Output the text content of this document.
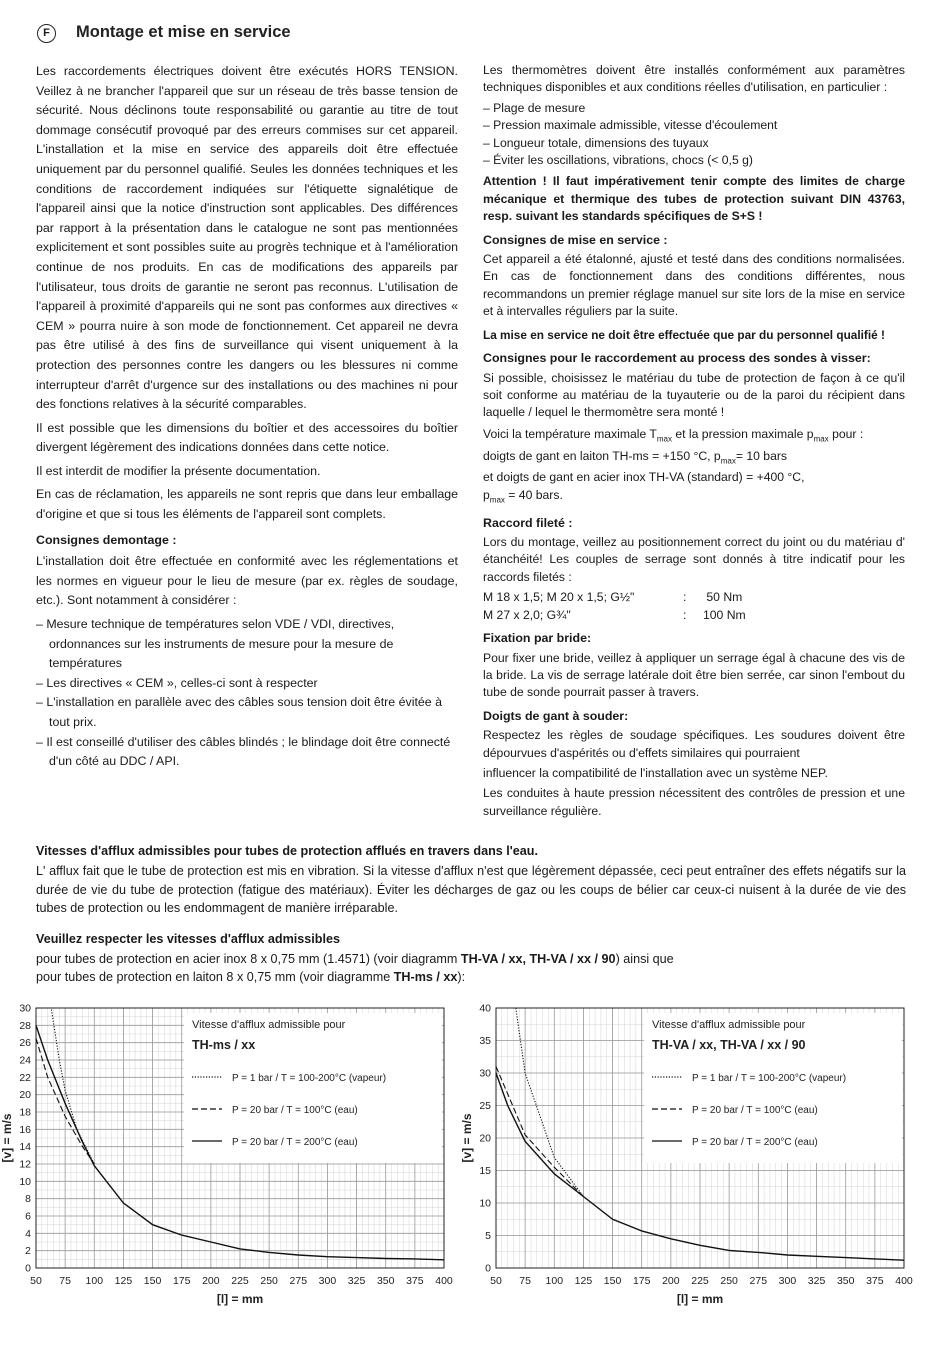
F	Montage et mise en service

Les raccordements électriques doivent être exécutés HORS TENSION. Veillez à ne brancher l'appareil que sur un réseau de très basse tension de sécurité. Nous déclinons toute responsabilité ou garantie au titre de tout dommage consécutif provoqué par des erreurs commises sur cet appareil. L'installation et la mise en service des appareils doit être effectuée uniquement par du personnel qualifié. Seules les données techniques et les conditions de raccordement indiquées sur l'étiquette signalétique de l'appareil ainsi que la notice d'instruction sont applicables. Des différences par rapport à la présentation dans le catalogue ne sont pas mentionnées explicitement et sont possibles suite au progrès technique et à l'amélioration continue de nos produits. En cas de modifications des appareils par l'utilisateur, tous droits de garantie ne seront pas reconnus. L'utilisation de l'appareil à proximité d'appareils qui ne sont pas conformes aux directives « CEM » pourra nuire à son mode de fonctionnement. Cet appareil ne devra pas être utilisé à des fins de surveillance qui visent uniquement à la protection des personnes contre les dangers ou les blessures ni comme interrupteur d'arrêt d'urgence sur des installations ou des machines ni pour des fonctions relatives à la sécurité comparables.

Il est possible que les dimensions du boîtier et des accessoires du boîtier divergent légèrement des indications données dans cette notice.

Il est interdit de modifier la présente documentation.

En cas de réclamation, les appareils ne sont repris que dans leur emballage d'origine et que si tous les éléments de l'appareil sont complets.

Consignes demontage :

L'installation doit être effectuée en conformité avec les réglementations et les normes en vigueur pour le lieu de mesure (par ex. règles de soudage, etc.). Sont notamment à considérer :

– Mesure technique de températures selon VDE / VDI, directives, ordonnances sur les instruments de mesure pour la mesure de températures
– Les directives « CEM », celles-ci sont à respecter
– L'installation en parallèle avec des câbles sous tension doit être évitée à tout prix.
– Il est conseillé d'utiliser des câbles blindés ; le blindage doit être connecté d'un côté au DDC / API.

Les thermomètres doivent être installés conformément aux paramètres techniques disponibles et aux conditions réelles d'utilisation, en particulier :

– Plage de mesure
– Pression maximale admissible, vitesse d'écoulement
– Longueur totale, dimensions des tuyaux
– Éviter les oscillations, vibrations, chocs (< 0,5 g)

Attention ! Il faut impérativement tenir compte des limites de charge mécanique et thermique des tubes de protection suivant DIN 43763, resp. suivant les standards spécifiques de S+S !

Consignes de mise en service :

Cet appareil a été étalonné, ajusté et testé dans des conditions normalisées. En cas de fonctionnement dans des conditions différentes, nous recommandons un premier réglage manuel sur site lors de la mise en service et à intervalles réguliers par la suite.

La mise en service ne doit être effectuée que par du personnel qualifié !

Consignes pour le raccordement au process des sondes à visser:

Si possible, choisissez le matériau du tube de protection de façon à ce qu'il soit conforme au matériau de la tuyauterie ou de la paroi du récipient dans laquelle / lequel le thermomètre sera monté !

Voici la température maximale $T_{max}$ et la pression maximale $p_{max}$ pour :
doigts de gant en laiton TH-ms = +150 °C, $p_{max}= 10$ bars
et doigts de gant en acier inox TH-VA (standard) = +400 °C,
$p_{max} = 40$ bars.

Raccord fileté :

Lors du montage, veillez au positionnement correct du joint ou du matériau d' étanchéité! Les couples de serrage sont donnés à titre indicatif pour les raccords filetés :

M 18 x 1,5; M 20 x 1,5; G½"	:	50 Nm
M 27 x 2,0; G¾"	:	100 Nm
Fixation par bride:

Pour fixer une bride, veillez à appliquer un serrage égal à chacune des vis de la bride. La vis de serrage latérale doit être bien serrée, car sinon l'embout du tube de sonde pourrait passer à travers.

Doigts de gant à souder:

Respectez les règles de soudage spécifiques. Les soudures doivent être dépourvues d'aspérités ou d'effets similaires qui pourraient

influencer la compatibilité de l'installation avec un système NEP.

Les conduites à haute pression nécessitent des contrôles de pression et une surveillance régulière.

Vitesses d'afflux admissibles pour tubes de protection afflués en travers dans l'eau.

L' afflux fait que le tube de protection est mis en vibration. Si la vitesse d'afflux n'est que légèrement dépassée, ceci peut entraîner des effets négatifs sur la durée de vie du tube de protection (fatigue des matériaux). Éviter les décharges de gaz ou les coups de bélier car ceux-ci nuisent à la durée de vie des tubes de protection ou les endommagent de manière irréparable.

Veuillez respecter les vitesses d'afflux admissibles

pour tubes de protection en acier inox 8 x 0,75 mm (1.4571) (voir diagramm TH-VA / xx, TH-VA / xx / 90) ainsi que

pour tubes de protection en laiton 8 x 0,75 mm (voir diagramme TH-ms / xx):

50 75 100 125 150 175 200 225 250 275 300 325 350 375 400
0
2
4
6
8
10
12
14
16
18
20
22
24
26
28
30
[l] = mm
[v] = m/s
Vitesse d'afflux admissible pour
TH-ms / xx
P = 1 bar / T = 100-200°C (vapeur)
P = 20 bar / T = 100°C (eau)
P = 20 bar / T = 200°C (eau)
50 75 100 125 150 175 200 225 250 275 300 325 350 375 400
0
5
10
15
20
25
30
35
40
[l] = mm
[v] = m/s
Vitesse d'afflux admissible pour
TH-VA / xx, TH-VA / xx / 90
P = 1 bar / T = 100-200°C (vapeur)
P = 20 bar / T = 100°C (eau)
P = 20 bar / T = 200°C (eau)
